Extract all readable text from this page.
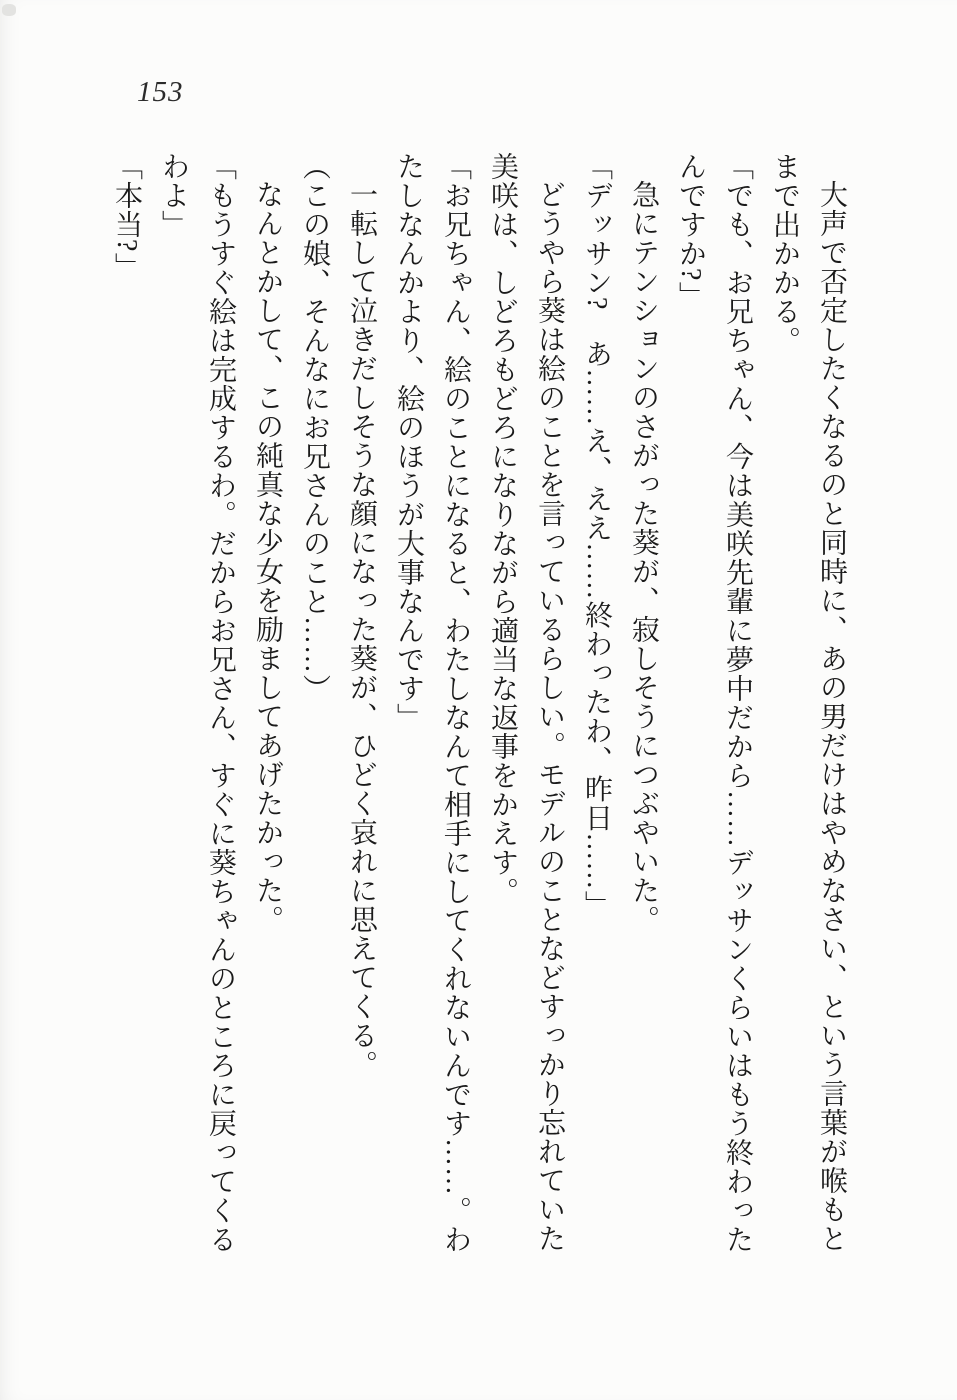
153

大声で否定したくなるのと同時に、あの男だけはやめなさい、という言葉が喉もとまで出かかる。

「でも、お兄ちゃん、今は美咲先輩に夢中だから……デッサンくらいはもう終わったんですか?」

急にテンションのさがった葵が、寂しそうにつぶやいた。

「デッサン?　あ……え、ええ……終わったわ、昨日……」

どうやら葵は絵のことを言っているらしい。モデルのことなどすっかり忘れていた美咲は、しどろもどろになりながら適当な返事をかえす。

「お兄ちゃん、絵のことになると、わたしなんて相手にしてくれないんです……。わたしなんかより、絵のほうが大事なんです」

一転して泣きだしそうな顔になった葵が、ひどく哀れに思えてくる。

（この娘、そんなにお兄さんのこと……）

なんとかして、この純真な少女を励ましてあげたかった。

「もうすぐ絵は完成するわ。だからお兄さん、すぐに葵ちゃんのところに戻ってくるわよ」

「本当?」
